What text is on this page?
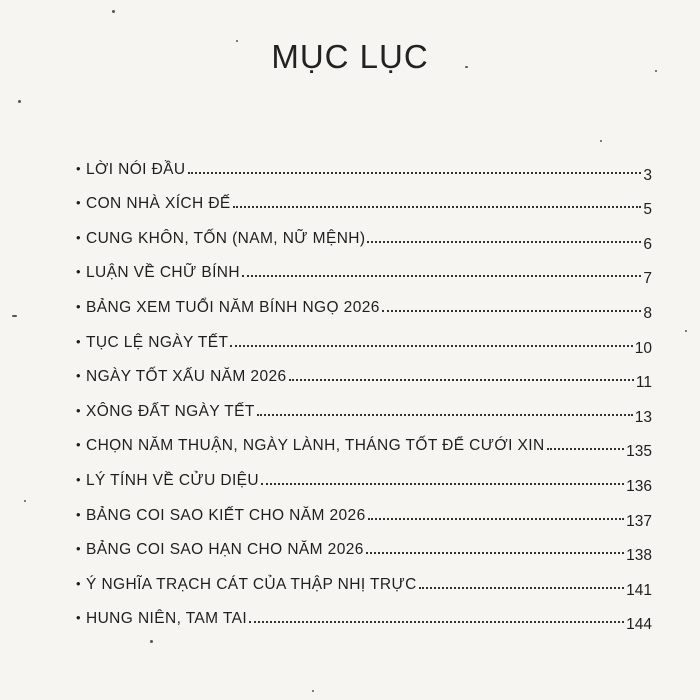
MỤC LỤC
• LỜI NÓI ĐẦU	3
• CON NHÀ XÍCH ĐẾ	5
• CUNG KHÔN, TỐN (NAM, NỮ MỆNH)	6
• LUẬN VỀ CHỮ BÍNH	7
• BẢNG XEM TUỔI NĂM BÍNH NGỌ 2026	8
• TỤC LỆ NGÀY TẾT	10
• NGÀY TỐT XẤU NĂM 2026	11
• XÔNG ĐẤT NGÀY TẾT	13
• CHỌN NĂM THUẬN, NGÀY LÀNH, THÁNG TỐT ĐỂ CƯỚI XIN	135
• LÝ TÍNH VỀ CỬU DIỆU	136
• BẢNG COI SAO KIẾT CHO NĂM 2026	137
• BẢNG COI SAO HẠN CHO NĂM 2026	138
• Ý NGHĨA TRẠCH CÁT CỦA THẬP NHỊ TRỰC	141
• HUNG NIÊN, TAM TAI	144
